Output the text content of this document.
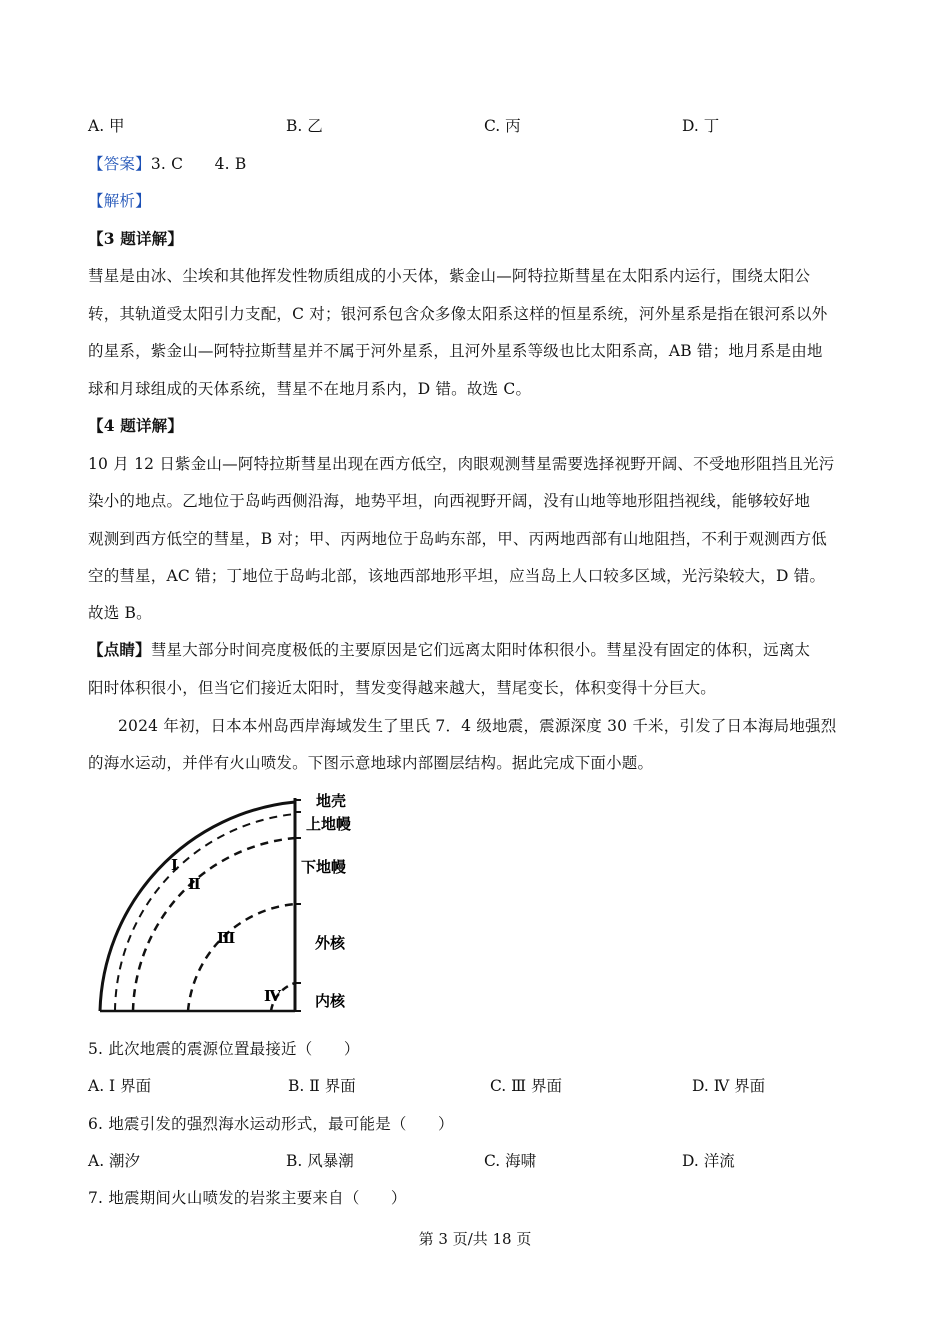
A. 甲	B. 乙	C. 丙	D. 丁
【答案】3. C　　4. B
【解析】
【3 题详解】
彗星是由冰、尘埃和其他挥发性物质组成的小天体，紫金山—阿特拉斯彗星在太阳系内运行，围绕太阳公
转，其轨道受太阳引力支配，C 对；银河系包含众多像太阳系这样的恒星系统，河外星系是指在银河系以外
的星系，紫金山—阿特拉斯彗星并不属于河外星系，且河外星系等级也比太阳系高，AB 错；地月系是由地
球和月球组成的天体系统，彗星不在地月系内，D 错。故选 C。
【4 题详解】
10 月 12 日紫金山—阿特拉斯彗星出现在西方低空，肉眼观测彗星需要选择视野开阔、不受地形阻挡且光污
染小的地点。乙地位于岛屿西侧沿海，地势平坦，向西视野开阔，没有山地等地形阻挡视线，能够较好地
观测到西方低空的彗星，B 对；甲、丙两地位于岛屿东部，甲、丙两地西部有山地阻挡，不利于观测西方低
空的彗星，AC 错；丁地位于岛屿北部，该地西部地形平坦，应当岛上人口较多区域，光污染较大，D 错。
故选 B。
【点睛】彗星大部分时间亮度极低的主要原因是它们远离太阳时体积很小。彗星没有固定的体积，远离太
阳时体积很小，但当它们接近太阳时，彗发变得越来越大，彗尾变长，体积变得十分巨大。
2024 年初，日本本州岛西岸海域发生了里氏 7．4 级地震，震源深度 30 千米，引发了日本海局地强烈
的海水运动，并伴有火山喷发。下图示意地球内部圈层结构。据此完成下面小题。
地壳
上地幔
下地幔
外核
内核
Ⅰ
Ⅱ
Ⅲ
Ⅳ
5. 此次地震的震源位置最接近（　　）
A. Ⅰ 界面	B. Ⅱ 界面	C. Ⅲ 界面	D. Ⅳ 界面
6. 地震引发的强烈海水运动形式，最可能是（　　）
A. 潮汐	B. 风暴潮	C. 海啸	D. 洋流
7. 地震期间火山喷发的岩浆主要来自（　　）
第 3 页/共 18 页
